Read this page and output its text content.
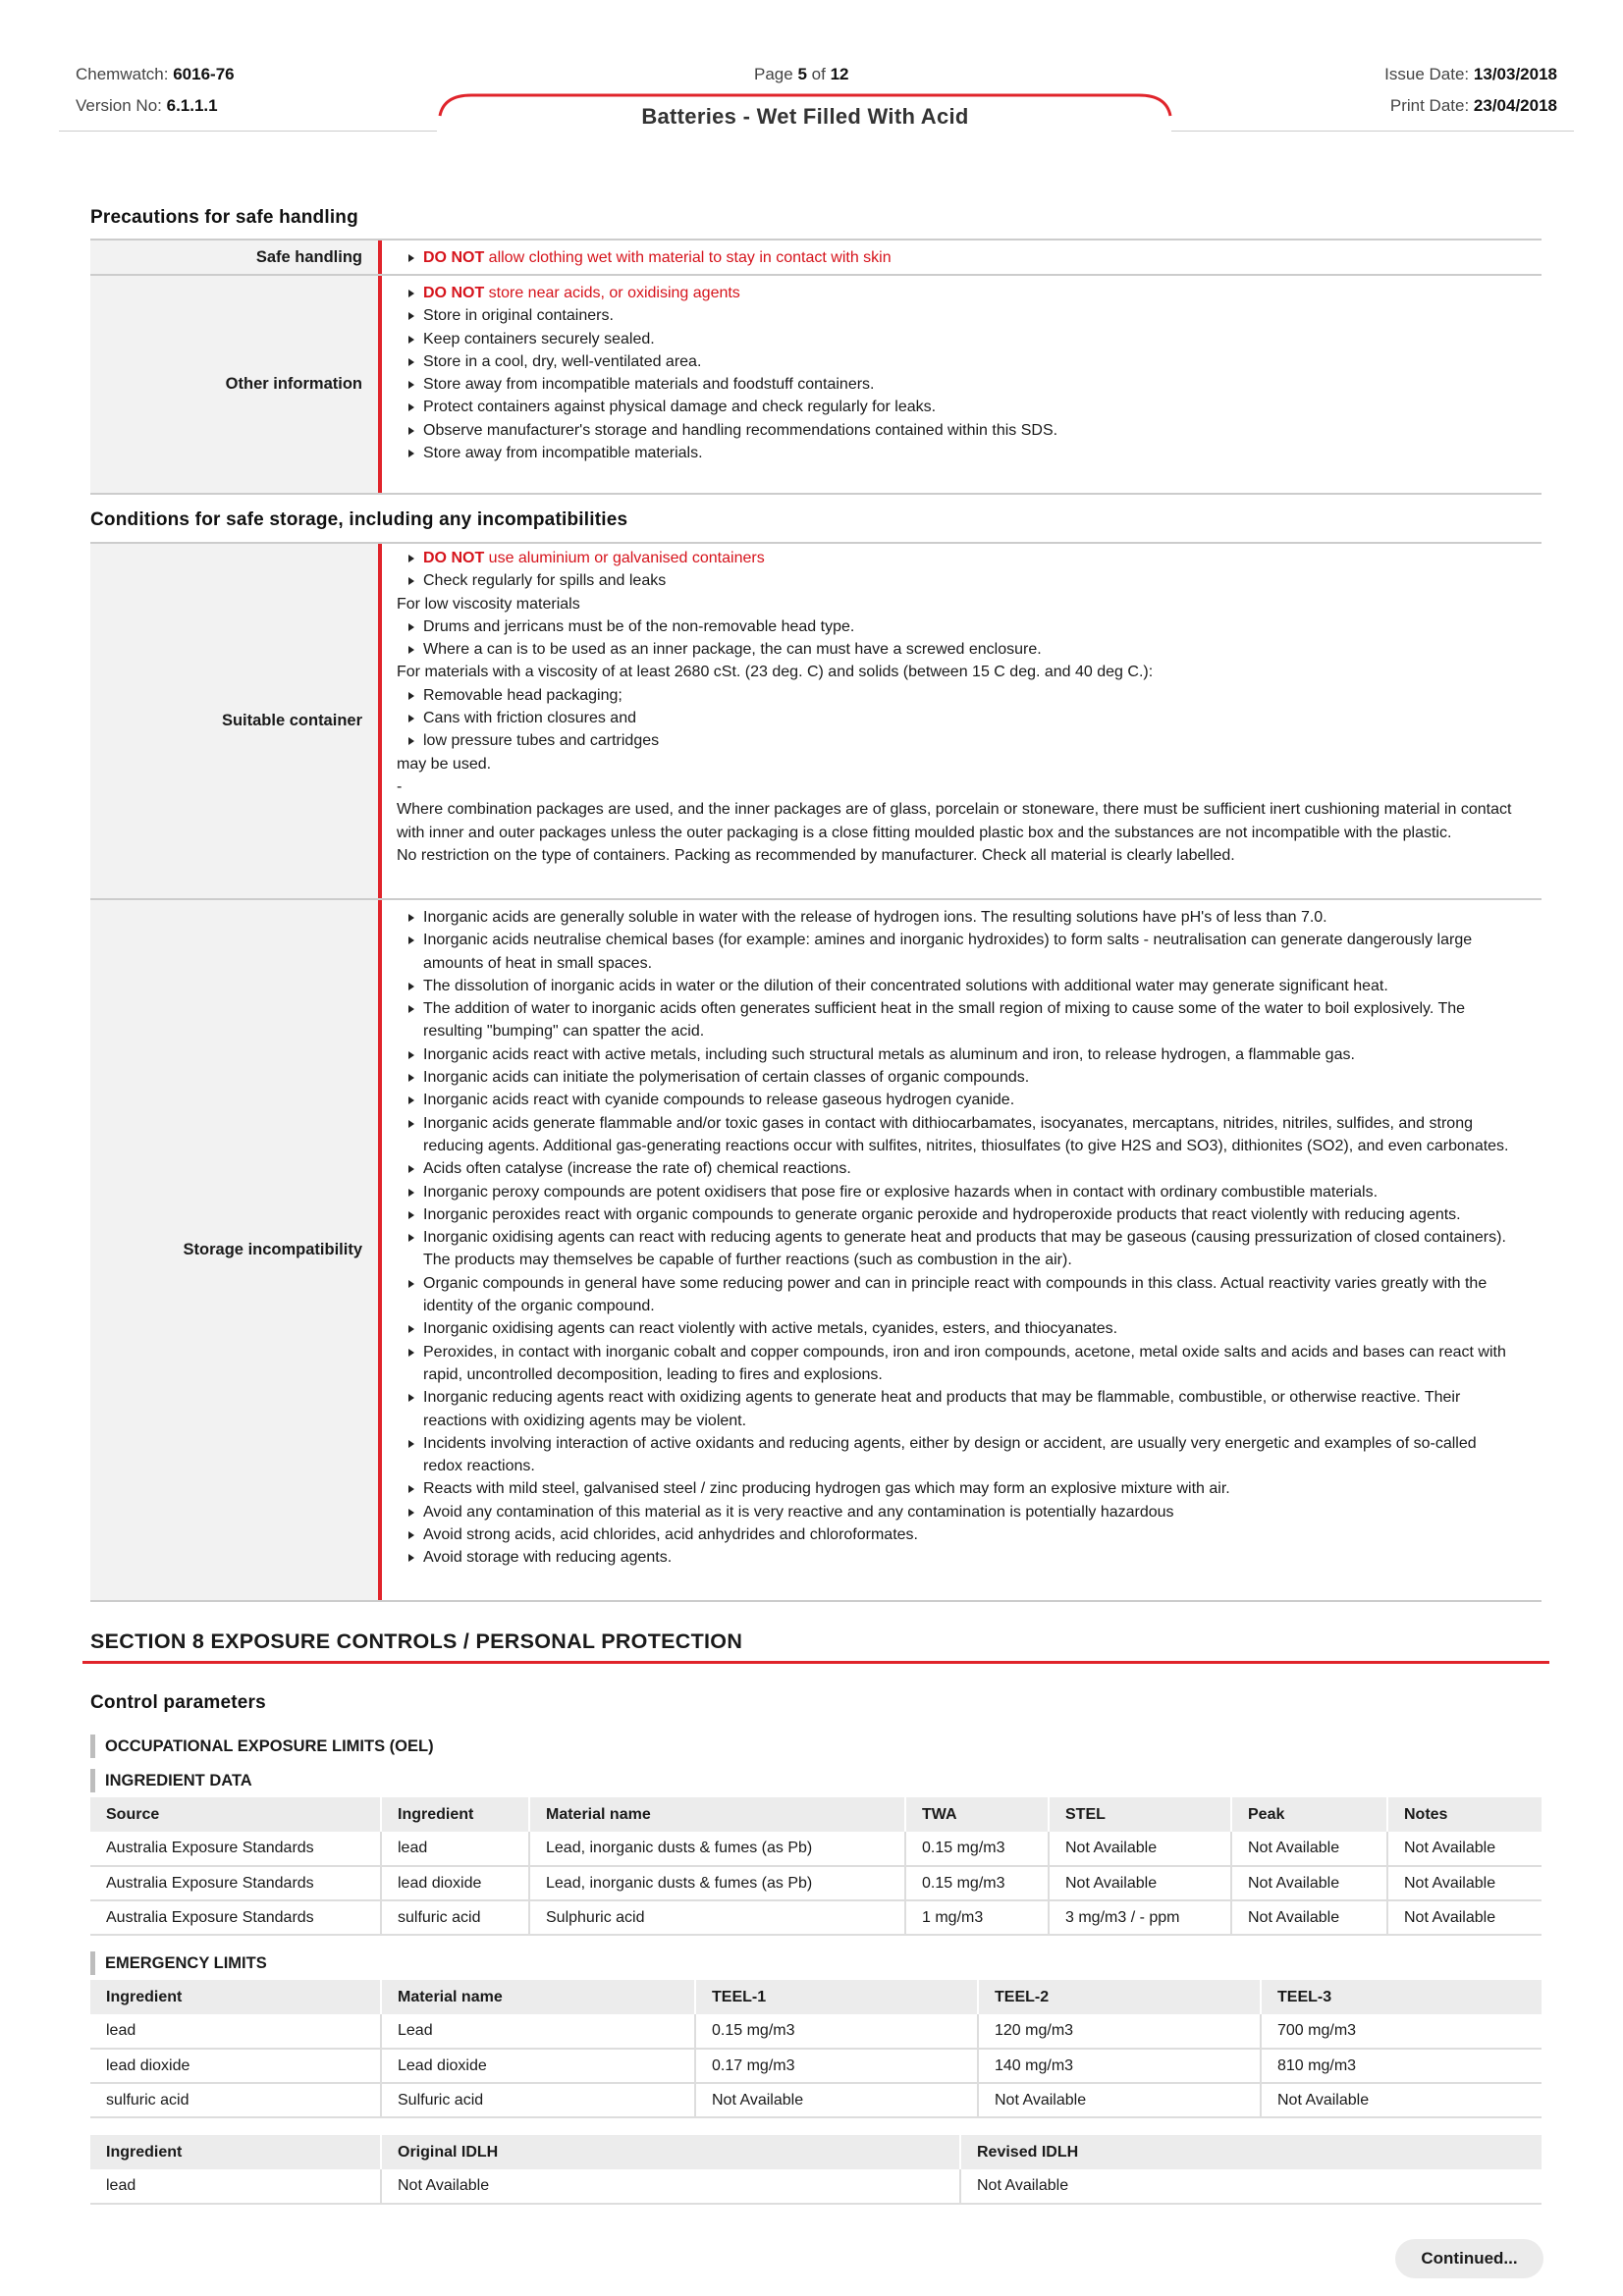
Chemwatch: 6016-76
Version No: 6.1.1.1
Page 5 of 12	Issue Date: 13/03/2018
Print Date: 23/04/2018
Batteries - Wet Filled With Acid
Precautions for safe handling
Safe handling	DO NOT allow clothing wet with material to stay in contact with skin
Other information
DO NOT store near acids, or oxidising agents
Store in original containers.
Keep containers securely sealed.
Store in a cool, dry, well-ventilated area.
Store away from incompatible materials and foodstuff containers.
Protect containers against physical damage and check regularly for leaks.
Observe manufacturer's storage and handling recommendations contained within this SDS.
Store away from incompatible materials.
Conditions for safe storage, including any incompatibilities
Suitable container
DO NOT use aluminium or galvanised containers
Check regularly for spills and leaks

For low viscosity materials

Drums and jerricans must be of the non-removable head type.
Where a can is to be used as an inner package, the can must have a screwed enclosure.

For materials with a viscosity of at least 2680 cSt. (23 deg. C) and solids (between 15 C deg. and 40 deg C.):

Removable head packaging;
Cans with friction closures and
low pressure tubes and cartridges

may be used.

-

Where combination packages are used, and the inner packages are of glass, porcelain or stoneware, there must be sufficient inert cushioning material in contact with inner and outer packages unless the outer packaging is a close fitting moulded plastic box and the substances are not incompatible with the plastic.

No restriction on the type of containers. Packing as recommended by manufacturer. Check all material is clearly labelled.

Storage incompatibility
Inorganic acids are generally soluble in water with the release of hydrogen ions. The resulting solutions have pH's of less than 7.0.
Inorganic acids neutralise chemical bases (for example: amines and inorganic hydroxides) to form salts - neutralisation can generate dangerously large amounts of heat in small spaces.
The dissolution of inorganic acids in water or the dilution of their concentrated solutions with additional water may generate significant heat.
The addition of water to inorganic acids often generates sufficient heat in the small region of mixing to cause some of the water to boil explosively. The resulting "bumping" can spatter the acid.
Inorganic acids react with active metals, including such structural metals as aluminum and iron, to release hydrogen, a flammable gas.
Inorganic acids can initiate the polymerisation of certain classes of organic compounds.
Inorganic acids react with cyanide compounds to release gaseous hydrogen cyanide.
Inorganic acids generate flammable and/or toxic gases in contact with dithiocarbamates, isocyanates, mercaptans, nitrides, nitriles, sulfides, and strong reducing agents. Additional gas-generating reactions occur with sulfites, nitrites, thiosulfates (to give H2S and SO3), dithionites (SO2), and even carbonates.
Acids often catalyse (increase the rate of) chemical reactions.
Inorganic peroxy compounds are potent oxidisers that pose fire or explosive hazards when in contact with ordinary combustible materials.
Inorganic peroxides react with organic compounds to generate organic peroxide and hydroperoxide products that react violently with reducing agents.
Inorganic oxidising agents can react with reducing agents to generate heat and products that may be gaseous (causing pressurization of closed containers). The products may themselves be capable of further reactions (such as combustion in the air).
Organic compounds in general have some reducing power and can in principle react with compounds in this class. Actual reactivity varies greatly with the identity of the organic compound.
Inorganic oxidising agents can react violently with active metals, cyanides, esters, and thiocyanates.
Peroxides, in contact with inorganic cobalt and copper compounds, iron and iron compounds, acetone, metal oxide salts and acids and bases can react with rapid, uncontrolled decomposition, leading to fires and explosions.
Inorganic reducing agents react with oxidizing agents to generate heat and products that may be flammable, combustible, or otherwise reactive. Their reactions with oxidizing agents may be violent.
Incidents involving interaction of active oxidants and reducing agents, either by design or accident, are usually very energetic and examples of so-called redox reactions.
Reacts with mild steel, galvanised steel / zinc producing hydrogen gas which may form an explosive mixture with air.
Avoid any contamination of this material as it is very reactive and any contamination is potentially hazardous
Avoid strong acids, acid chlorides, acid anhydrides and chloroformates.
Avoid storage with reducing agents.
SECTION 8 EXPOSURE CONTROLS / PERSONAL PROTECTION
Control parameters
OCCUPATIONAL EXPOSURE LIMITS (OEL)
INGREDIENT DATA
Source	Ingredient	Material name	TWA	STEL	Peak	Notes
Australia Exposure Standards	lead	Lead, inorganic dusts & fumes (as Pb)	0.15 mg/m3	Not Available	Not Available	Not Available
Australia Exposure Standards	lead dioxide	Lead, inorganic dusts & fumes (as Pb)	0.15 mg/m3	Not Available	Not Available	Not Available
Australia Exposure Standards	sulfuric acid	Sulphuric acid	1 mg/m3	3 mg/m3 / - ppm	Not Available	Not Available
EMERGENCY LIMITS
Ingredient	Material name	TEEL-1	TEEL-2	TEEL-3
lead	Lead	0.15 mg/m3	120 mg/m3	700 mg/m3
lead dioxide	Lead dioxide	0.17 mg/m3	140 mg/m3	810 mg/m3
sulfuric acid	Sulfuric acid	Not Available	Not Available	Not Available
Ingredient	Original IDLH	Revised IDLH
lead	Not Available	Not Available
Continued...
